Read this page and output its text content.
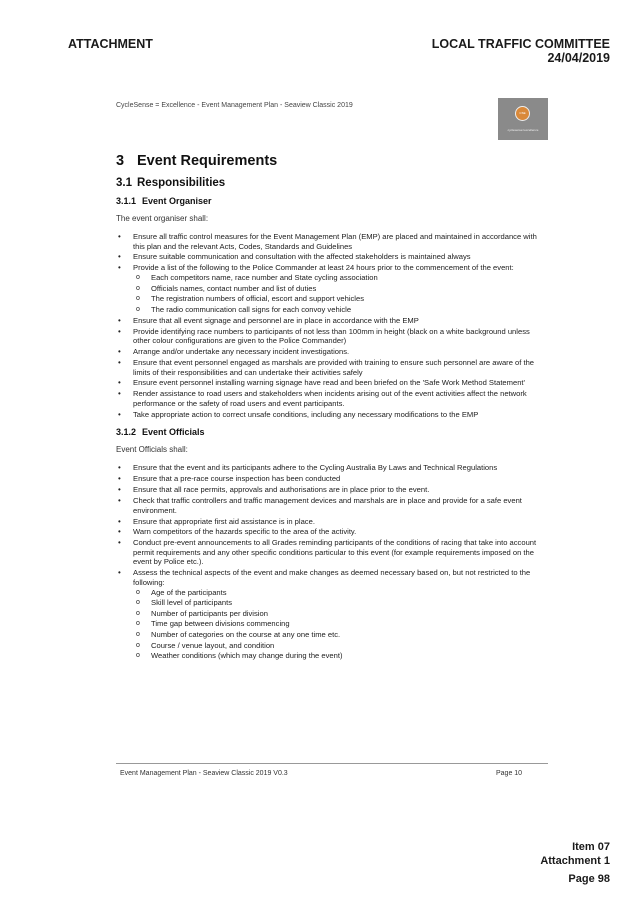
ATTACHMENT	LOCAL TRAFFIC COMMITTEE
24/04/2019
CycleSense = Excellence - Event Management Plan - Seaview Classic 2019
CSE
cyclesense=excellence
3 Event Requirements
3.1 Responsibilities
3.1.1 Event Organiser

The event organiser shall:

• Ensure all traffic control measures for the Event Management Plan (EMP) are placed and maintained in accordance with this plan and the relevant Acts, Codes, Standards and Guidelines
• Ensure suitable communication and consultation with the affected stakeholders is maintained always
• Provide a list of the following to the Police Commander at least 24 hours prior to the commencement of the event:
o Each competitors name, race number and State cycling association
o Officials names, contact number and list of duties
o The registration numbers of official, escort and support vehicles
o The radio communication call signs for each convoy vehicle
• Ensure that all event signage and personnel are in place in accordance with the EMP
• Provide identifying race numbers to participants of not less than 100mm in height (black on a white background unless other colour configurations are given to the Police Commander)
• Arrange and/or undertake any necessary incident investigations.
• Ensure that event personnel engaged as marshals are provided with training to ensure such personnel are aware of the limits of their responsibilities and can undertake their activities safely
• Ensure event personnel installing warning signage have read and been briefed on the 'Safe Work Method Statement'
• Render assistance to road users and stakeholders when incidents arising out of the event activities affect the network performance or the safety of road users and event participants.
• Take appropriate action to correct unsafe conditions, including any necessary modifications to the EMP
3.1.2 Event Officials

Event Officials shall:

• Ensure that the event and its participants adhere to the Cycling Australia By Laws and Technical Regulations
• Ensure that a pre-race course inspection has been conducted
• Ensure that all race permits, approvals and authorisations are in place prior to the event.
• Check that traffic controllers and traffic management devices and marshals are in place and provide for a safe event environment.
• Ensure that appropriate first aid assistance is in place.
• Warn competitors of the hazards specific to the area of the activity.
• Conduct pre-event announcements to all Grades reminding participants of the conditions of racing that take into account permit requirements and any other specific conditions particular to this event (for example requirements imposed on the event by Police etc.).
• Assess the technical aspects of the event and make changes as deemed necessary based on, but not restricted to the following:
o Age of the participants
o Skill level of participants
o Number of participants per division
o Time gap between divisions commencing
o Number of categories on the course at any one time etc.
o Course / venue layout, and condition
o Weather conditions (which may change during the event)
Event Management Plan - Seaview Classic 2019 V0.3	Page 10
Item 07
Attachment 1
Page 98
